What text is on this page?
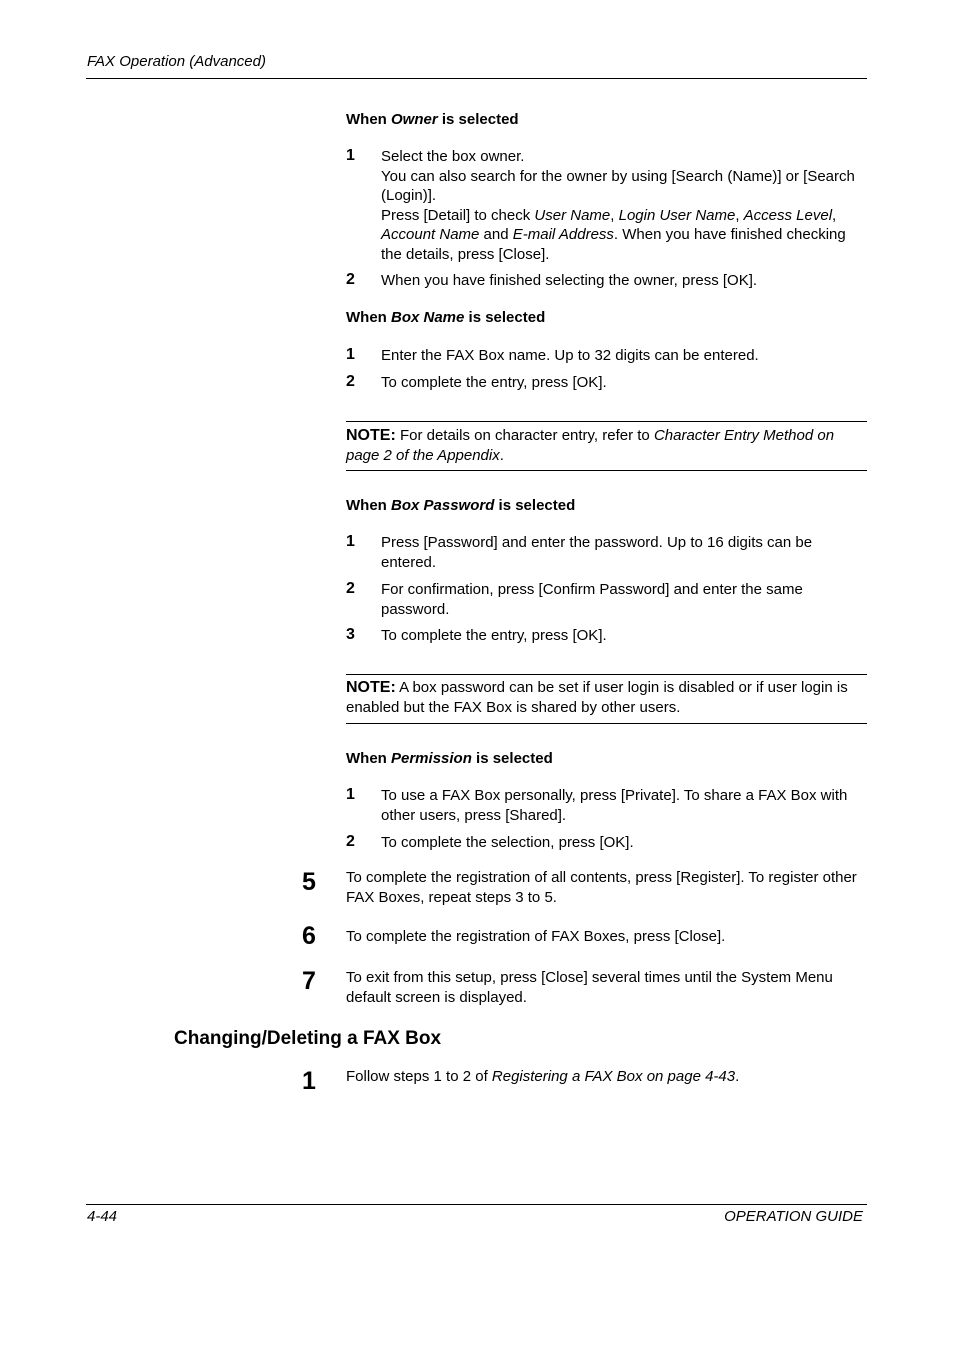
FAX Operation (Advanced)
When Owner is selected
1 Select the box owner.
You can also search for the owner by using [Search (Name)] or [Search (Login)].
Press [Detail] to check User Name, Login User Name, Access Level, Account Name and E-mail Address. When you have finished checking the details, press [Close].
2 When you have finished selecting the owner, press [OK].
When Box Name is selected
1 Enter the FAX Box name. Up to 32 digits can be entered.
2 To complete the entry, press [OK].
NOTE: For details on character entry, refer to Character Entry Method on page 2 of the Appendix.
When Box Password is selected
1 Press [Password] and enter the password. Up to 16 digits can be entered.
2 For confirmation, press [Confirm Password] and enter the same password.
3 To complete the entry, press [OK].
NOTE: A box password can be set if user login is disabled or if user login is enabled but the FAX Box is shared by other users.
When Permission is selected
1 To use a FAX Box personally, press [Private]. To share a FAX Box with other users, press [Shared].
2 To complete the selection, press [OK].
5 To complete the registration of all contents, press [Register]. To register other FAX Boxes, repeat steps 3 to 5.
6 To complete the registration of FAX Boxes, press [Close].
7 To exit from this setup, press [Close] several times until the System Menu default screen is displayed.
Changing/Deleting a FAX Box
1 Follow steps 1 to 2 of Registering a FAX Box on page 4-43.
4-44	OPERATION GUIDE
